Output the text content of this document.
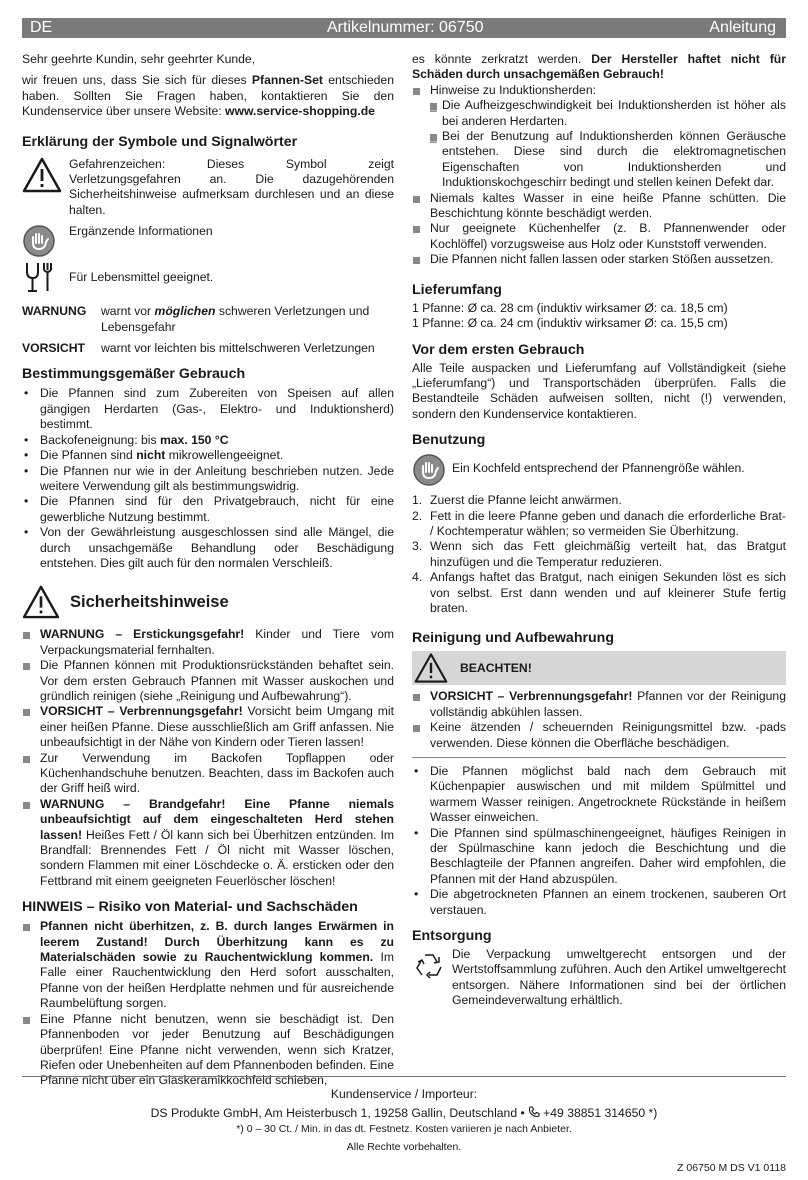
DE	Artikelnummer: 06750	Anleitung

Sehr geehrte Kundin, sehr geehrter Kunde,

wir freuen uns, dass Sie sich für dieses Pfannen-Set entschieden haben. Sollten Sie Fragen haben, kontaktieren Sie den Kundenservice über unsere Website: www.service-shopping.de

Erklärung der Symbole und Signalwörter

Gefahrenzeichen: Dieses Symbol zeigt Verletzungsgefahren an. Die dazugehörenden Sicherheitshinweise aufmerksam durchlesen und an diese halten.

Ergänzende Informationen

Für Lebensmittel geeignet.

WARNUNG	warnt vor möglichen schweren Verletzungen und Lebensgefahr
VORSICHT	warnt vor leichten bis mittelschweren Verletzungen
Bestimmungsgemäßer Gebrauch
• Die Pfannen sind zum Zubereiten von Speisen auf allen gängigen Herdarten (Gas-, Elektro- und Induktionsherd) bestimmt.
• Backofeneignung: bis max. 150 °C
• Die Pfannen sind nicht mikrowellengeeignet.
• Die Pfannen nur wie in der Anleitung beschrieben nutzen. Jede weitere Verwendung gilt als bestimmungswidrig.
• Die Pfannen sind für den Privatgebrauch, nicht für eine gewerbliche Nutzung bestimmt.
• Von der Gewährleistung ausgeschlossen sind alle Mängel, die durch unsachgemäße Behandlung oder Beschädigung entstehen. Dies gilt auch für den normalen Verschleiß.
Sicherheitshinweise
WARNUNG – Erstickungsgefahr! Kinder und Tiere vom Verpackungsmaterial fernhalten.
Die Pfannen können mit Produktionsrückständen behaftet sein. Vor dem ersten Gebrauch Pfannen mit Wasser auskochen und gründlich reinigen (siehe „Reinigung und Aufbewahrung“).
VORSICHT – Verbrennungsgefahr! Vorsicht beim Umgang mit einer heißen Pfanne. Diese ausschließlich am Griff anfassen. Nie unbeaufsichtigt in der Nähe von Kindern oder Tieren lassen!
Zur Verwendung im Backofen Topflappen oder Küchenhandschuhe benutzen. Beachten, dass im Backofen auch der Griff heiß wird.
WARNUNG – Brandgefahr! Eine Pfanne niemals unbeaufsichtigt auf dem eingeschalteten Herd stehen lassen! Heißes Fett / Öl kann sich bei Überhitzen entzünden. Im Brandfall: Brennendes Fett / Öl nicht mit Wasser löschen, sondern Flammen mit einer Löschdecke o. Ä. ersticken oder den Fettbrand mit einem geeigneten Feuerlöscher löschen!
HINWEIS – Risiko von Material- und Sachschäden
Pfannen nicht überhitzen, z. B. durch langes Erwärmen in leerem Zustand! Durch Überhitzung kann es zu Materialschäden sowie zu Rauchentwicklung kommen. Im Falle einer Rauchentwicklung den Herd sofort ausschalten, Pfanne von der heißen Herdplatte nehmen und für ausreichende Raumbelüftung sorgen.
Eine Pfanne nicht benutzen, wenn sie beschädigt ist. Den Pfannenboden vor jeder Benutzung auf Beschädigungen überprüfen! Eine Pfanne nicht verwenden, wenn sich Kratzer, Riefen oder Unebenheiten auf dem Pfannenboden befinden. Eine Pfanne nicht über ein Glaskeramikkochfeld schieben,

es könnte zerkratzt werden. Der Hersteller haftet nicht für Schäden durch unsachgemäßen Gebrauch!

Hinweise zu Induktionsherden:
– Die Aufheizgeschwindigkeit bei Induktionsherden ist höher als bei anderen Herdarten.
– Bei der Benutzung auf Induktionsherden können Geräusche entstehen. Diese sind durch die elektromagnetischen Eigenschaften von Induktionsherden und Induktionskochgeschirr bedingt und stellen keinen Defekt dar.
Niemals kaltes Wasser in eine heiße Pfanne schütten. Die Beschichtung könnte beschädigt werden.
Nur geeignete Küchenhelfer (z. B. Pfannenwender oder Kochlöffel) vorzugsweise aus Holz oder Kunststoff verwenden.
Die Pfannen nicht fallen lassen oder starken Stößen aussetzen.
Lieferumfang

1 Pfanne: Ø ca. 28 cm (induktiv wirksamer Ø: ca. 18,5 cm)

1 Pfanne: Ø ca. 24 cm (induktiv wirksamer Ø: ca. 15,5 cm)

Vor dem ersten Gebrauch

Alle Teile auspacken und Lieferumfang auf Vollständigkeit (siehe „Lieferumfang“) und Transportschäden überprüfen. Falls die Bestandteile Schäden aufweisen sollten, nicht (!) verwenden, sondern den Kundenservice kontaktieren.

Benutzung

Ein Kochfeld entsprechend der Pfannengröße wählen.

1. Zuerst die Pfanne leicht anwärmen.
2. Fett in die leere Pfanne geben und danach die erforderliche Brat- / Kochtemperatur wählen; so vermeiden Sie Überhitzung.
3. Wenn sich das Fett gleichmäßig verteilt hat, das Bratgut hinzufügen und die Temperatur reduzieren.
4. Anfangs haftet das Bratgut, nach einigen Sekunden löst es sich von selbst. Erst dann wenden und auf kleinerer Stufe fertig braten.
Reinigung und Aufbewahrung
BEACHTEN!
VORSICHT – Verbrennungsgefahr! Pfannen vor der Reinigung vollständig abkühlen lassen.
Keine ätzenden / scheuernden Reinigungsmittel bzw. -pads verwenden. Diese können die Oberfläche beschädigen.
• Die Pfannen möglichst bald nach dem Gebrauch mit Küchenpapier auswischen und mit mildem Spülmittel und warmem Wasser reinigen. Angetrocknete Rückstände in heißem Wasser einweichen.
• Die Pfannen sind spülmaschinengeeignet, häufiges Reinigen in der Spülmaschine kann jedoch die Beschichtung und die Beschlagteile der Pfannen angreifen. Daher wird empfohlen, die Pfannen mit der Hand abzuspülen.
• Die abgetrockneten Pfannen an einem trockenen, sauberen Ort verstauen.
Entsorgung

Die Verpackung umweltgerecht entsorgen und der Wertstoffsammlung zuführen. Auch den Artikel umweltgerecht entsorgen. Nähere Informationen sind bei der örtlichen Gemeindeverwaltung erhältlich.

Kundenservice / Importeur:
DS Produkte GmbH, Am Heisterbusch 1, 19258 Gallin, Deutschland • +49 38851 314650 *)
*) 0 – 30 Ct. / Min. in das dt. Festnetz. Kosten variieren je nach Anbieter.
Alle Rechte vorbehalten.
Z 06750 M DS V1 0118
